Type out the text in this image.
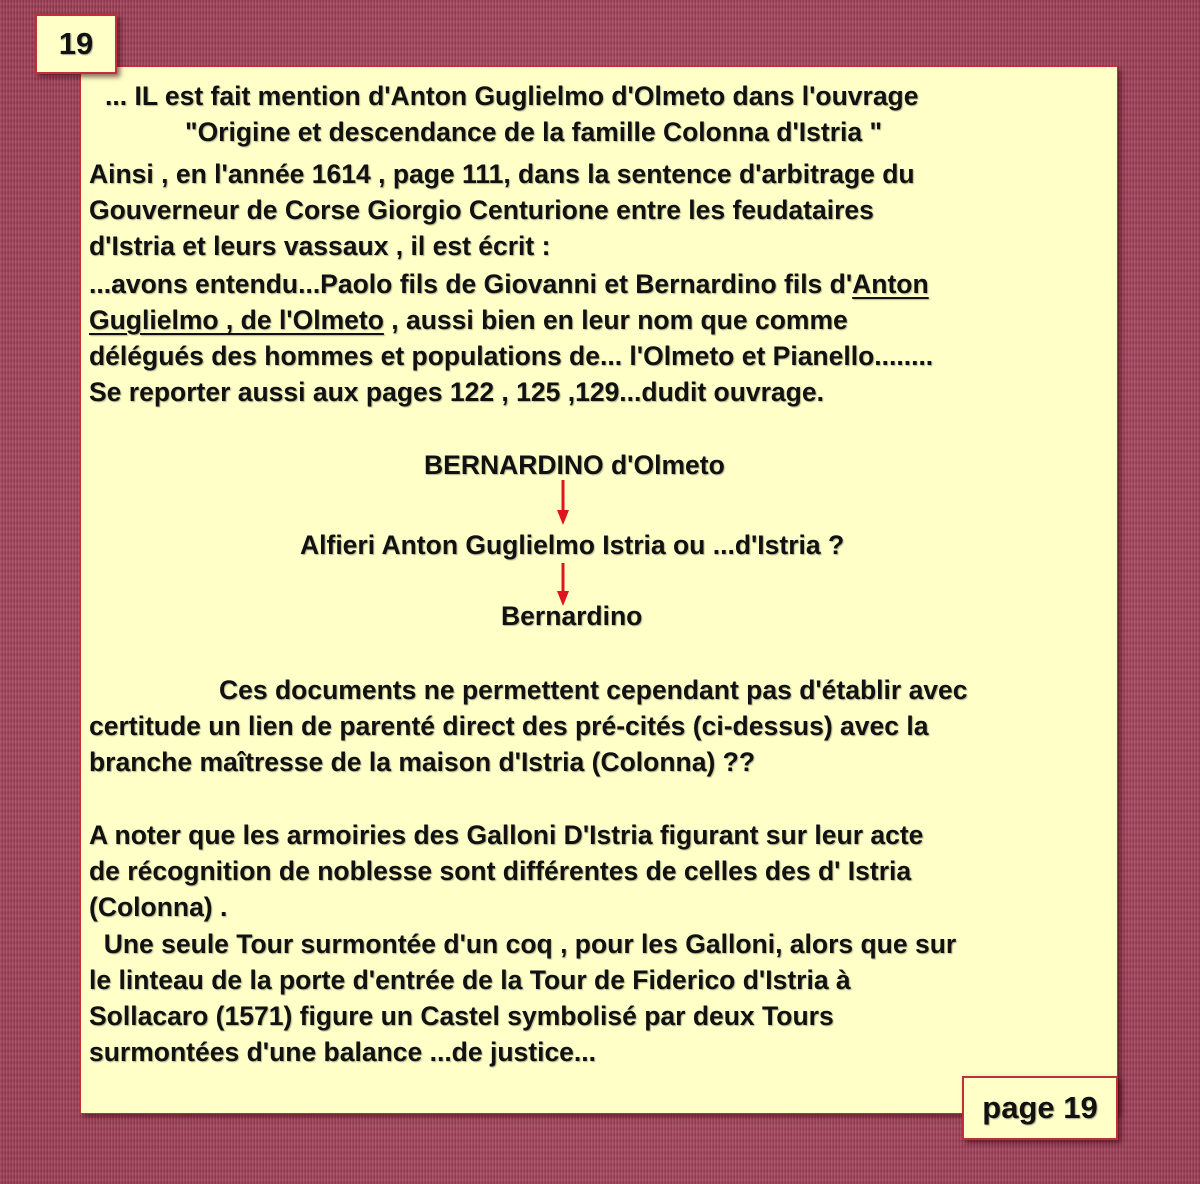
19
... IL est fait mention d'Anton Guglielmo d'Olmeto dans l'ouvrage
"Origine et descendance de la famille Colonna d'Istria "
Ainsi , en l'année 1614 , page 111, dans la sentence d'arbitrage du
Gouverneur de Corse Giorgio Centurione entre les feudataires
d'Istria et leurs vassaux , il est écrit :
...avons entendu...Paolo fils de Giovanni et Bernardino fils d'Anton
Guglielmo , de l'Olmeto , aussi bien en leur nom que comme
délégués des hommes et populations de... l'Olmeto et Pianello........
Se reporter aussi aux pages 122 , 125 ,129...dudit ouvrage.
BERNARDINO d'Olmeto
Alfieri Anton Guglielmo Istria ou ...d'Istria ?
Bernardino
Ces documents ne permettent cependant pas d'établir avec
certitude un lien de parenté direct des pré-cités (ci-dessus) avec la
branche maîtresse de la maison d'Istria (Colonna) ??
A noter que les armoiries des Galloni D'Istria figurant sur leur acte
de récognition de noblesse sont différentes de celles des d' Istria
(Colonna) .
Une seule Tour surmontée d'un coq , pour les Galloni, alors que sur
le linteau de la porte d'entrée de la Tour de Fiderico d'Istria à
Sollacaro (1571) figure un Castel symbolisé par deux Tours
surmontées d'une balance ...de justice...
page 19
